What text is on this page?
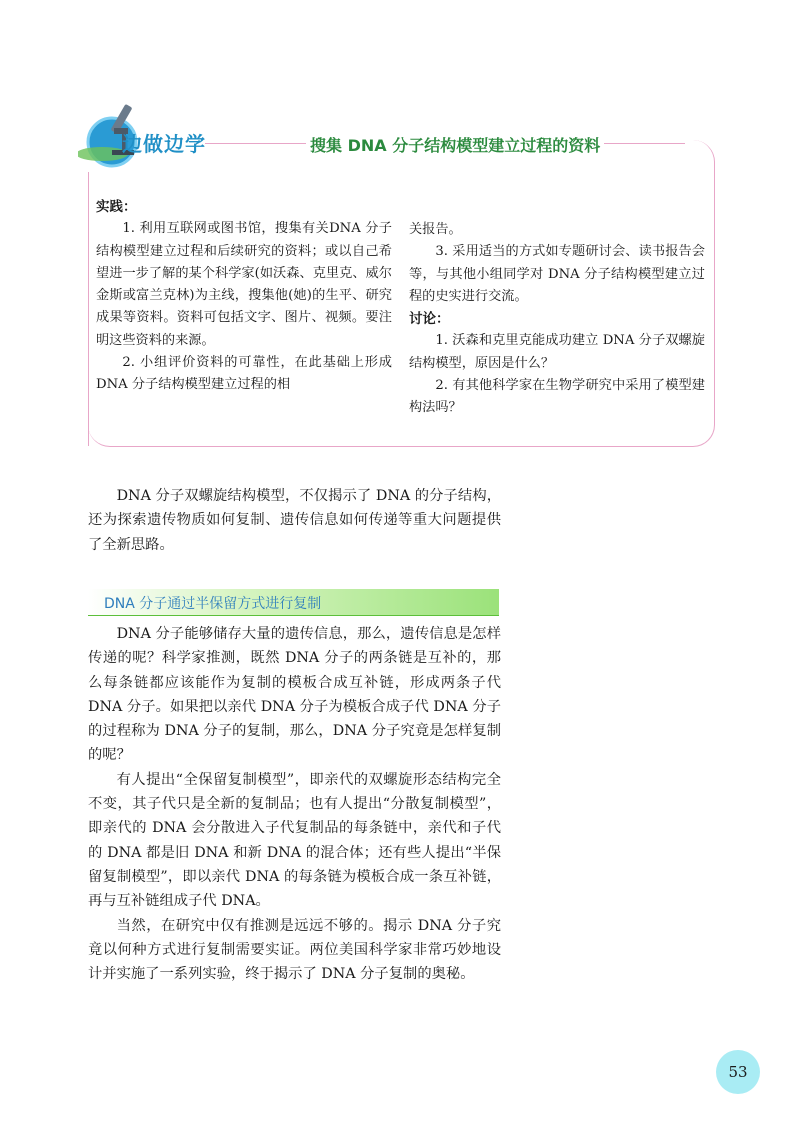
边做边学	搜集 DNA 分子结构模型建立过程的资料

实践：

1. 利用互联网或图书馆，搜集有关DNA 分子结构模型建立过程和后续研究的资料；或以自己希望进一步了解的某个科学家(如沃森、克里克、威尔金斯或富兰克林)为主线，搜集他(她)的生平、研究成果等资料。资料可包括文字、图片、视频。要注明这些资料的来源。

2. 小组评价资料的可靠性，在此基础上形成 DNA 分子结构模型建立过程的相

关报告。

3. 采用适当的方式如专题研讨会、读书报告会等，与其他小组同学对 DNA 分子结构模型建立过程的史实进行交流。

讨论：

1. 沃森和克里克能成功建立 DNA 分子双螺旋结构模型，原因是什么？

2. 有其他科学家在生物学研究中采用了模型建构法吗？

DNA 分子双螺旋结构模型，不仅揭示了 DNA 的分子结构，还为探索遗传物质如何复制、遗传信息如何传递等重大问题提供了全新思路。

DNA 分子通过半保留方式进行复制

DNA 分子能够储存大量的遗传信息，那么，遗传信息是怎样传递的呢？科学家推测，既然 DNA 分子的两条链是互补的，那么每条链都应该能作为复制的模板合成互补链，形成两条子代 DNA 分子。如果把以亲代 DNA 分子为模板合成子代 DNA 分子的过程称为 DNA 分子的复制，那么，DNA 分子究竟是怎样复制的呢？

有人提出“全保留复制模型”，即亲代的双螺旋形态结构完全不变，其子代只是全新的复制品；也有人提出“分散复制模型”，即亲代的 DNA 会分散进入子代复制品的每条链中，亲代和子代的 DNA 都是旧 DNA 和新 DNA 的混合体；还有些人提出“半保留复制模型”，即以亲代 DNA 的每条链为模板合成一条互补链，再与互补链组成子代 DNA。

当然，在研究中仅有推测是远远不够的。揭示 DNA 分子究竟以何种方式进行复制需要实证。两位美国科学家非常巧妙地设计并实施了一系列实验，终于揭示了 DNA 分子复制的奥秘。

53
